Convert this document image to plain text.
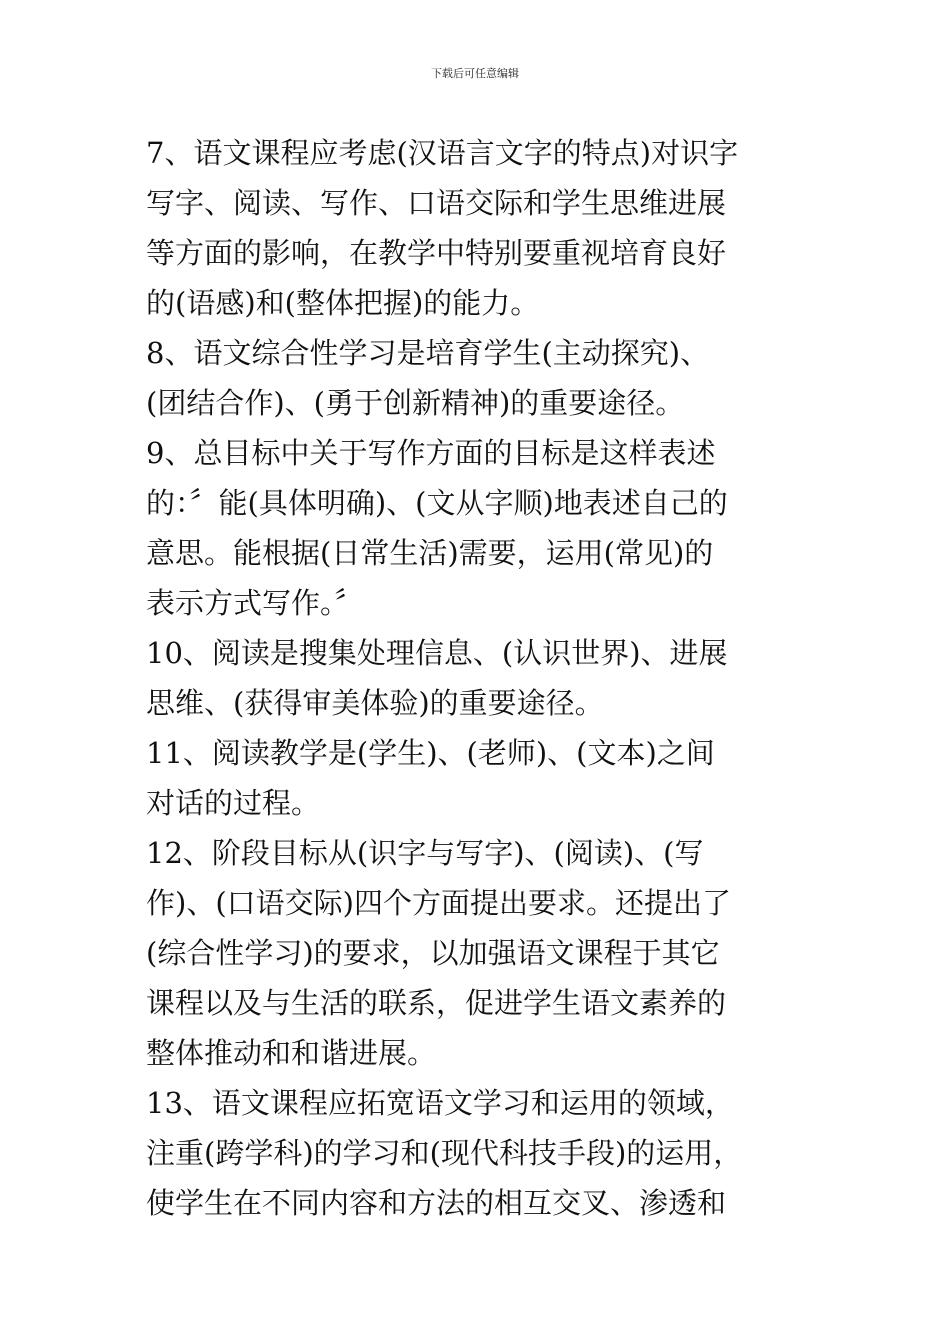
下载后可任意编辑
7、语文课程应考虑(汉语言文字的特点)对识字
写字、阅读、写作、口语交际和学生思维进展
等方面的影响，在教学中特别要重视培育良好
的(语感)和(整体把握)的能力。
8、语文综合性学习是培育学生(主动探究)、
(团结合作)、(勇于创新精神)的重要途径。
9、总目标中关于写作方面的目标是这样表述
的：〞能(具体明确)、(文从字顺)地表述自己的
意思。能根据(日常生活)需要，运用(常见)的
表示方式写作。〞
10、阅读是搜集处理信息、(认识世界)、进展
思维、(获得审美体验)的重要途径。
11、阅读教学是(学生)、(老师)、(文本)之间
对话的过程。
12、阶段目标从(识字与写字)、(阅读)、(写
作)、(口语交际)四个方面提出要求。还提出了
(综合性学习)的要求，以加强语文课程于其它
课程以及与生活的联系，促进学生语文素养的
整体推动和和谐进展。
13、语文课程应拓宽语文学习和运用的领域，
注重(跨学科)的学习和(现代科技手段)的运用，
使学生在不同内容和方法的相互交叉、渗透和
